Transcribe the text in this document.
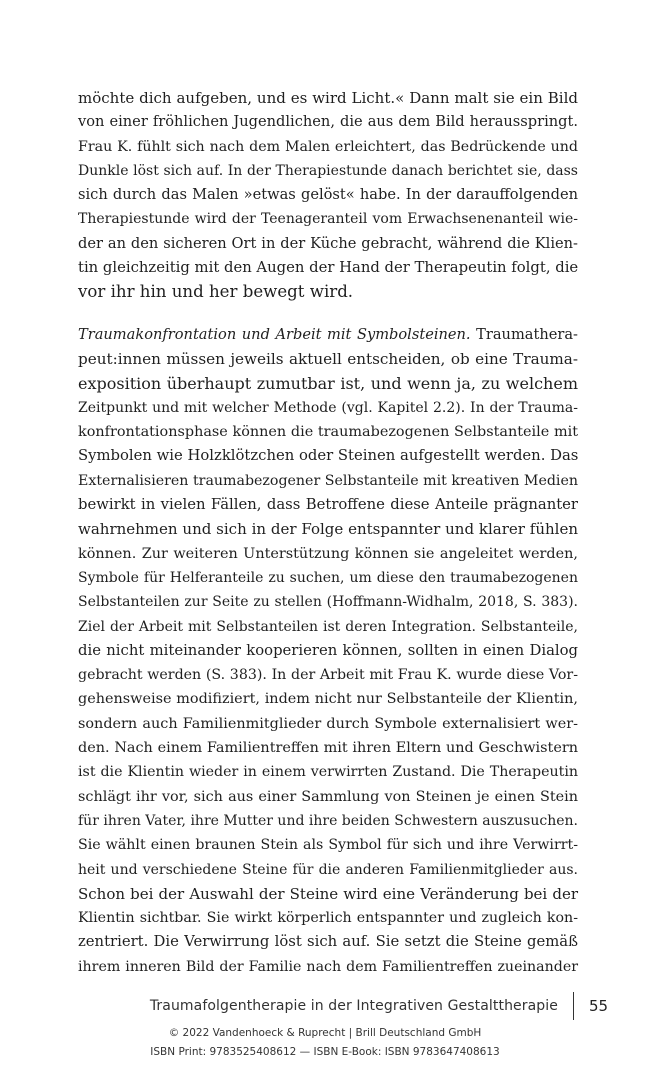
möchte dich aufgeben, und es wird Licht.« Dann malt sie ein Bild
von einer fröhlichen Jugendlichen, die aus dem Bild herausspringt.
Frau K. fühlt sich nach dem Malen erleichtert, das Bedrückende und
Dunkle löst sich auf. In der Therapiestunde danach berichtet sie, dass
sich durch das Malen »etwas gelöst« habe. In der darauffolgenden
Therapiestunde wird der Teenageranteil vom Erwachsenenanteil wie-
der an den sicheren Ort in der Küche gebracht, während die Klien-
tin gleichzeitig mit den Augen der Hand der Therapeutin folgt, die
vor ihr hin und her bewegt wird.
Traumakonfrontation und Arbeit mit Symbolsteinen. Traumathera-
peut:innen müssen jeweils aktuell entscheiden, ob eine Trauma-
exposition überhaupt zumutbar ist, und wenn ja, zu welchem
Zeitpunkt und mit welcher Methode (vgl. Kapitel 2.2). In der Trauma-
konfrontationsphase können die traumabezogenen Selbstanteile mit
Symbolen wie Holzklötzchen oder Steinen aufgestellt werden. Das
Externalisieren traumabezogener Selbstanteile mit kreativen Medien
bewirkt in vielen Fällen, dass Betroffene diese Anteile prägnanter
wahrnehmen und sich in der Folge entspannter und klarer fühlen
können. Zur weiteren Unterstützung können sie angeleitet werden,
Symbole für Helferanteile zu suchen, um diese den traumabezogenen
Selbstanteilen zur Seite zu stellen (Hoffmann-Widhalm, 2018, S. 383).
Ziel der Arbeit mit Selbstanteilen ist deren Integration. Selbstanteile,
die nicht miteinander kooperieren können, sollten in einen Dialog
gebracht werden (S. 383). In der Arbeit mit Frau K. wurde diese Vor-
gehensweise modifiziert, indem nicht nur Selbstanteile der Klientin,
sondern auch Familienmitglieder durch Symbole externalisiert wer-
den. Nach einem Familientreffen mit ihren Eltern und Geschwistern
ist die Klientin wieder in einem verwirrten Zustand. Die Therapeutin
schlägt ihr vor, sich aus einer Sammlung von Steinen je einen Stein
für ihren Vater, ihre Mutter und ihre beiden Schwestern auszusuchen.
Sie wählt einen braunen Stein als Symbol für sich und ihre Verwirrt-
heit und verschiedene Steine für die anderen Familienmitglieder aus.
Schon bei der Auswahl der Steine wird eine Veränderung bei der
Klientin sichtbar. Sie wirkt körperlich entspannter und zugleich kon-
zentriert. Die Verwirrung löst sich auf. Sie setzt die Steine gemäß
ihrem inneren Bild der Familie nach dem Familientreffen zueinander
Traumafolgentherapie in der Integrativen Gestalttherapie 55
© 2022 Vandenhoeck & Ruprecht | Brill Deutschland GmbH
ISBN Print: 9783525408612 — ISBN E-Book: ISBN 9783647408613
